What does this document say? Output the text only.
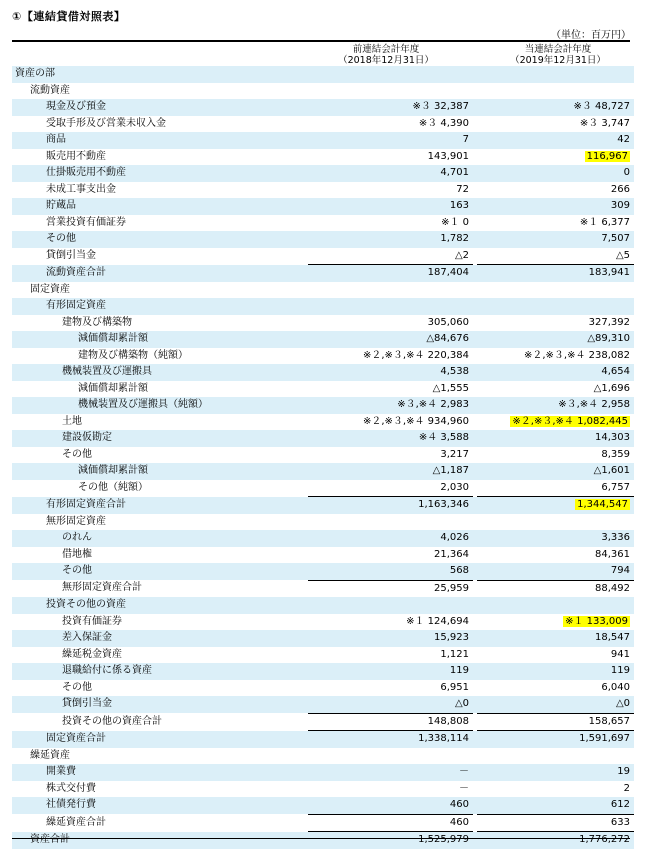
①【連結貸借対照表】
（単位：百万円）
前連結会計年度
（2018年12月31日）
当連結会計年度
（2019年12月31日）
資産の部			
流動資産			
現金及び預金	※３ 32,387		※３ 48,727
受取手形及び営業未収入金	※３ 4,390		※３ 3,747
商品	7		42
販売用不動産	143,901		116,967
仕掛販売用不動産	4,701		0
未成工事支出金	72		266
貯蔵品	163		309
営業投資有価証券	※１ 0		※１ 6,377
その他	1,782		7,507
貸倒引当金	△2		△5
流動資産合計	187,404		183,941
固定資産			
有形固定資産			
建物及び構築物	305,060		327,392
減価償却累計額	△84,676		△89,310
建物及び構築物（純額）	※２,※３,※４ 220,384		※２,※３,※４ 238,082
機械装置及び運搬具	4,538		4,654
減価償却累計額	△1,555		△1,696
機械装置及び運搬具（純額）	※３,※４ 2,983		※３,※４ 2,958
土地	※２,※３,※４ 934,960		※２,※３,※４ 1,082,445
建設仮勘定	※４ 3,588		14,303
その他	3,217		8,359
減価償却累計額	△1,187		△1,601
その他（純額）	2,030		6,757
有形固定資産合計	1,163,346		1,344,547
無形固定資産			
のれん	4,026		3,336
借地権	21,364		84,361
その他	568		794
無形固定資産合計	25,959		88,492
投資その他の資産			
投資有価証券	※１ 124,694		※１ 133,009
差入保証金	15,923		18,547
繰延税金資産	1,121		941
退職給付に係る資産	119		119
その他	6,951		6,040
貸倒引当金	△0		△0
投資その他の資産合計	148,808		158,657
固定資産合計	1,338,114		1,591,697
繰延資産			
開業費	－		19
株式交付費	－		2
社債発行費	460		612
繰延資産合計	460		633
資産合計	1,525,979		1,776,272
